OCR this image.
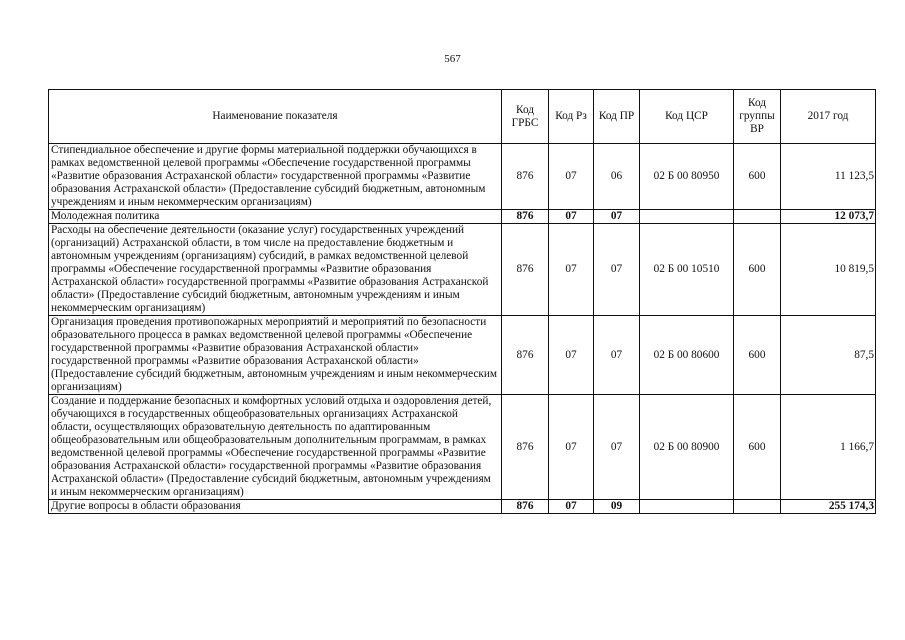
567
Наименование показателя	Код ГРБС	Код Рз	Код ПР	Код ЦСР	Код группы ВР	2017 год
Стипендиальное обеспечение и другие формы материальной поддержки обучающихся в рамках ведомственной целевой программы «Обеспечение государственной программы «Развитие образования Астраханской области» государственной программы «Развитие образования Астраханской области» (Предоставление субсидий бюджетным, автономным учреждениям и иным некоммерческим организациям)	876	07	06	02 Б 00 80950	600	11 123,5
Молодежная политика	876	07	07			12 073,7
Расходы на обеспечение деятельности (оказание услуг) государственных учреждений (организаций) Астраханской области, в том числе на предоставление бюджетным и автономным учреждениям (организациям) субсидий, в рамках ведомственной целевой программы «Обеспечение государственной программы «Развитие образования Астраханской области» государственной программы «Развитие образования Астраханской области» (Предоставление субсидий бюджетным, автономным учреждениям и иным некоммерческим организациям)	876	07	07	02 Б 00 10510	600	10 819,5
Организация проведения противопожарных мероприятий и мероприятий по безопасности образовательного процесса в рамках ведомственной целевой программы «Обеспечение государственной программы «Развитие образования Астраханской области» государственной программы «Развитие образования Астраханской области» (Предоставление субсидий бюджетным, автономным учреждениям и иным некоммерческим организациям)	876	07	07	02 Б 00 80600	600	87,5
Создание и поддержание безопасных и комфортных условий отдыха и оздоровления детей, обучающихся в государственных общеобразовательных организациях Астраханской области, осуществляющих образовательную деятельность по адаптированным общеобразовательным или общеобразовательным дополнительным программам, в рамках ведомственной целевой программы «Обеспечение государственной программы «Развитие образования Астраханской области» государственной программы «Развитие образования Астраханской области» (Предоставление субсидий бюджетным, автономным учреждениям и иным некоммерческим организациям)	876	07	07	02 Б 00 80900	600	1 166,7
Другие вопросы в области образования	876	07	09			255 174,3
